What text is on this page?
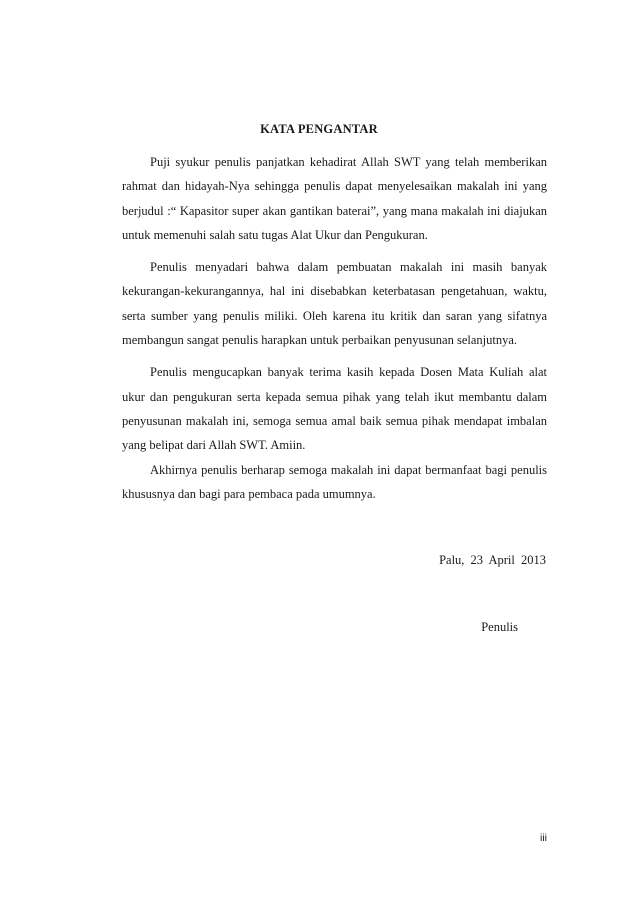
KATA PENGANTAR

Puji syukur penulis panjatkan kehadirat Allah SWT yang telah memberikan rahmat dan hidayah-Nya sehingga penulis dapat menyelesaikan makalah ini yang berjudul :“ Kapasitor super akan gantikan baterai”, yang mana makalah ini diajukan untuk memenuhi salah satu tugas Alat Ukur dan Pengukuran.

Penulis menyadari bahwa dalam pembuatan makalah ini masih banyak kekurangan-kekurangannya, hal ini disebabkan keterbatasan pengetahuan, waktu, serta sumber yang penulis miliki. Oleh karena itu kritik dan saran yang sifatnya membangun sangat penulis harapkan untuk perbaikan penyusunan selanjutnya.

Penulis mengucapkan banyak terima kasih kepada Dosen Mata Kuliah alat ukur dan pengukuran serta kepada semua pihak yang telah ikut membantu dalam penyusunan makalah ini, semoga semua amal baik semua pihak mendapat imbalan yang belipat dari Allah SWT. Amiin.

Akhirnya penulis berharap semoga makalah ini dapat bermanfaat bagi penulis khususnya dan bagi para pembaca pada umumnya.

Palu, 23 April 2013
Penulis
iii
